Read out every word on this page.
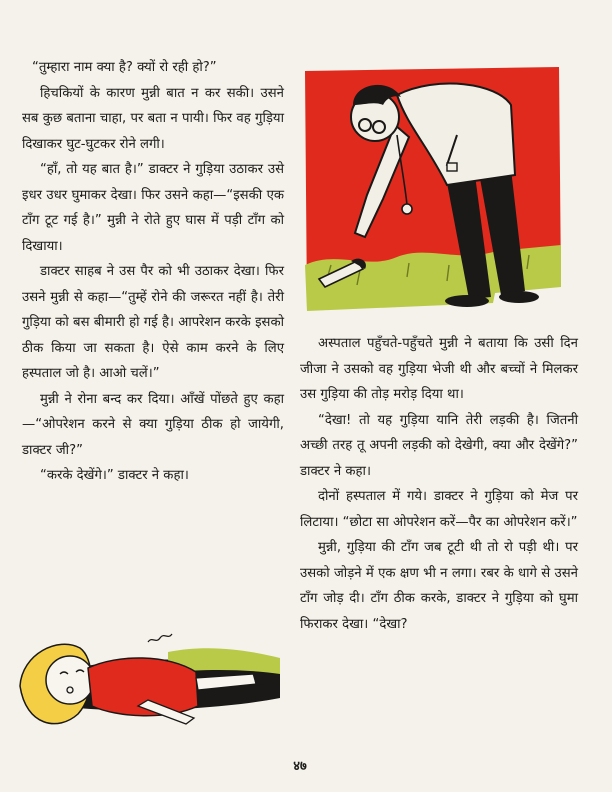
“तुम्हारा नाम क्या है? क्यों रो रही हो?”

हिचकियों के कारण मुन्नी बात न कर सकी। उसने सब कुछ बताना चाहा, पर बता न पायी। फिर वह गुड़िया दिखाकर घुट-घुटकर रोने लगी।

“हाँ, तो यह बात है।” डाक्टर ने गुड़िया उठाकर उसे इधर उधर घुमाकर देखा। फिर उसने कहा—“इसकी एक टाँग टूट गई है।” मुन्नी ने रोते हुए घास में पड़ी टाँग को दिखाया।

डाक्टर साहब ने उस पैर को भी उठाकर देखा। फिर उसने मुन्नी से कहा—“तुम्हें रोने की जरूरत नहीं है। तेरी गुड़िया को बस बीमारी हो गई है। आपरेशन करके इसको ठीक किया जा सकता है। ऐसे काम करने के लिए हस्पताल जो है। आओ चलें।”

मुन्नी ने रोना बन्द कर दिया। आँखें पोंछते हुए कहा—“ओपरेशन करने से क्या गुड़िया ठीक हो जायेगी, डाक्टर जी?”

“करके देखेंगे।” डाक्टर ने कहा।

अस्पताल पहुँचते-पहुँचते मुन्नी ने बताया कि उसी दिन जीजा ने उसको वह गुड़िया भेजी थी और बच्चों ने मिलकर उस गुड़िया की तोड़ मरोड़ दिया था।

“देखा! तो यह गुड़िया यानि तेरी लड़की है। जितनी अच्छी तरह तू अपनी लड़की को देखेगी, क्या और देखेंगे?” डाक्टर ने कहा।

दोनों हस्पताल में गये। डाक्टर ने गुड़िया को मेज पर लिटाया। “छोटा सा ओपरेशन करें—पैर का ओपरेशन करें।”

मुन्नी, गुड़िया की टाँग जब टूटी थी तो रो पड़ी थी। पर उसको जोड़ने में एक क्षण भी न लगा। रबर के धागे से उसने टाँग जोड़ दी। टाँग ठीक करके, डाक्टर ने गुड़िया को घुमा फिराकर देखा। “देखा?

४७
